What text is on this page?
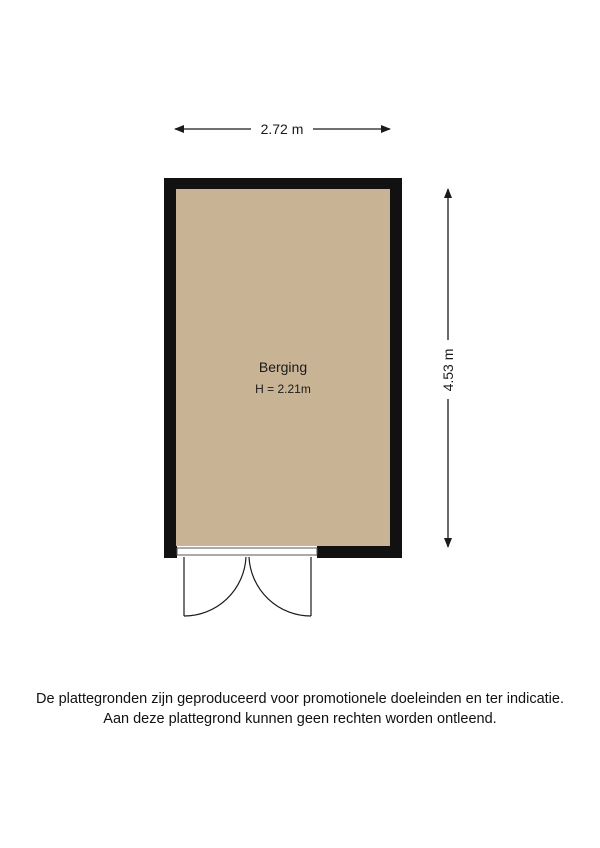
2.72 m
4.53 m
Berging
H = 2.21m
De plattegronden zijn geproduceerd voor promotionele doeleinden en ter indicatie.
Aan deze plattegrond kunnen geen rechten worden ontleend.
